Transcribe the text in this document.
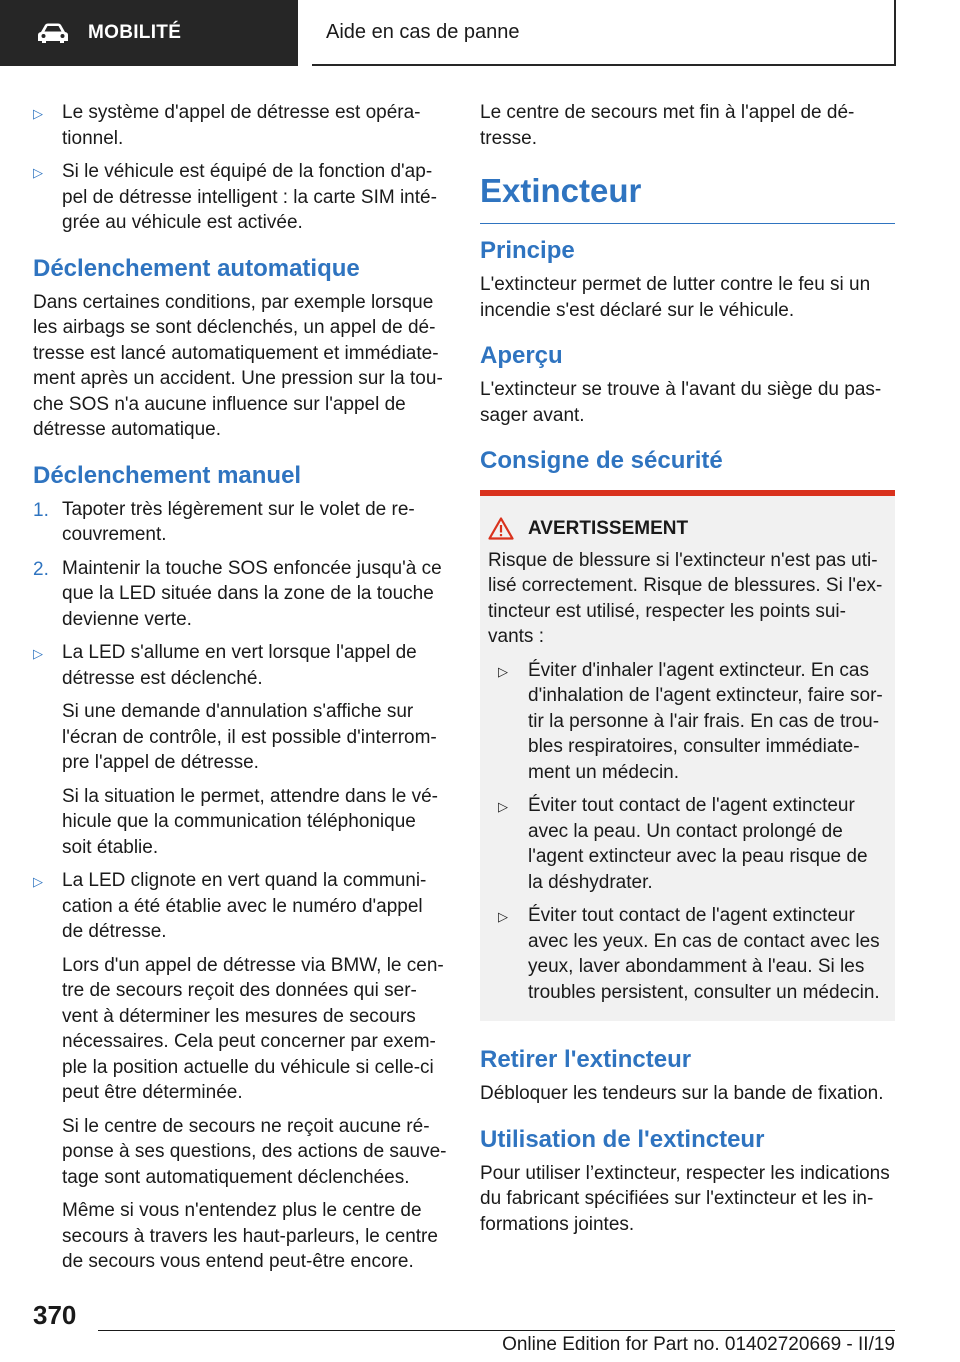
MOBILITÉ	Aide en cas de panne
▷	Le système d'appel de détresse est opéra‐tionnel.
▷	Si le véhicule est équipé de la fonction d'ap‐pel de détresse intelligent : la carte SIM inté‐grée au véhicule est activée.
Déclenchement automatique

Dans certaines conditions, par exemple lorsque les airbags se sont déclenchés, un appel de dé‐tresse est lancé automatiquement et immédiate‐ment après un accident. Une pression sur la tou‐che SOS n'a aucune influence sur l'appel de détresse automatique.

Déclenchement manuel
1. Tapoter très légèrement sur le volet de re‐couvrement.
2. Maintenir la touche SOS enfoncée jusqu'à ce que la LED située dans la zone de la touche devienne verte.
▷	La LED s'allume en vert lorsque l'appel de détresse est déclenché.

Si une demande d'annulation s'affiche sur l'écran de contrôle, il est possible d'interrom‐pre l'appel de détresse.

Si la situation le permet, attendre dans le vé‐hicule que la communication téléphonique soit établie.

▷	La LED clignote en vert quand la communi‐cation a été établie avec le numéro d'appel de détresse.

Lors d'un appel de détresse via BMW, le cen‐tre de secours reçoit des données qui ser‐vent à déterminer les mesures de secours nécessaires. Cela peut concerner par exem‐ple la position actuelle du véhicule si celle-ci peut être déterminée.

Si le centre de secours ne reçoit aucune ré‐ponse à ses questions, des actions de sauve‐tage sont automatiquement déclenchées.

Même si vous n'entendez plus le centre de secours à travers les haut-parleurs, le centre de secours vous entend peut-être encore.

Le centre de secours met fin à l'appel de dé‐tresse.

Extincteur
Principe

L'extincteur permet de lutter contre le feu si un incendie s'est déclaré sur le véhicule.

Aperçu

L'extincteur se trouve à l'avant du siège du pas‐sager avant.

Consigne de sécurité
AVERTISSEMENT

Risque de blessure si l'extincteur n'est pas uti‐lisé correctement. Risque de blessures. Si l'ex‐tincteur est utilisé, respecter les points sui‐vants :

▷	Éviter d'inhaler l'agent extincteur. En cas d'inhalation de l'agent extincteur, faire sor‐tir la personne à l'air frais. En cas de trou‐bles respiratoires, consulter immédiate‐ment un médecin.
▷	Éviter tout contact de l'agent extincteur avec la peau. Un contact prolongé de l'agent extincteur avec la peau risque de la déshydrater.
▷	Éviter tout contact de l'agent extincteur avec les yeux. En cas de contact avec les yeux, laver abondamment à l'eau. Si les troubles persistent, consulter un médecin.
Retirer l'extincteur

Débloquer les tendeurs sur la bande de fixation.

Utilisation de l'extincteur

Pour utiliser l’extincteur, respecter les indications du fabricant spécifiées sur l'extincteur et les in‐formations jointes.

370
Online Edition for Part no. 01402720669 - II/19
